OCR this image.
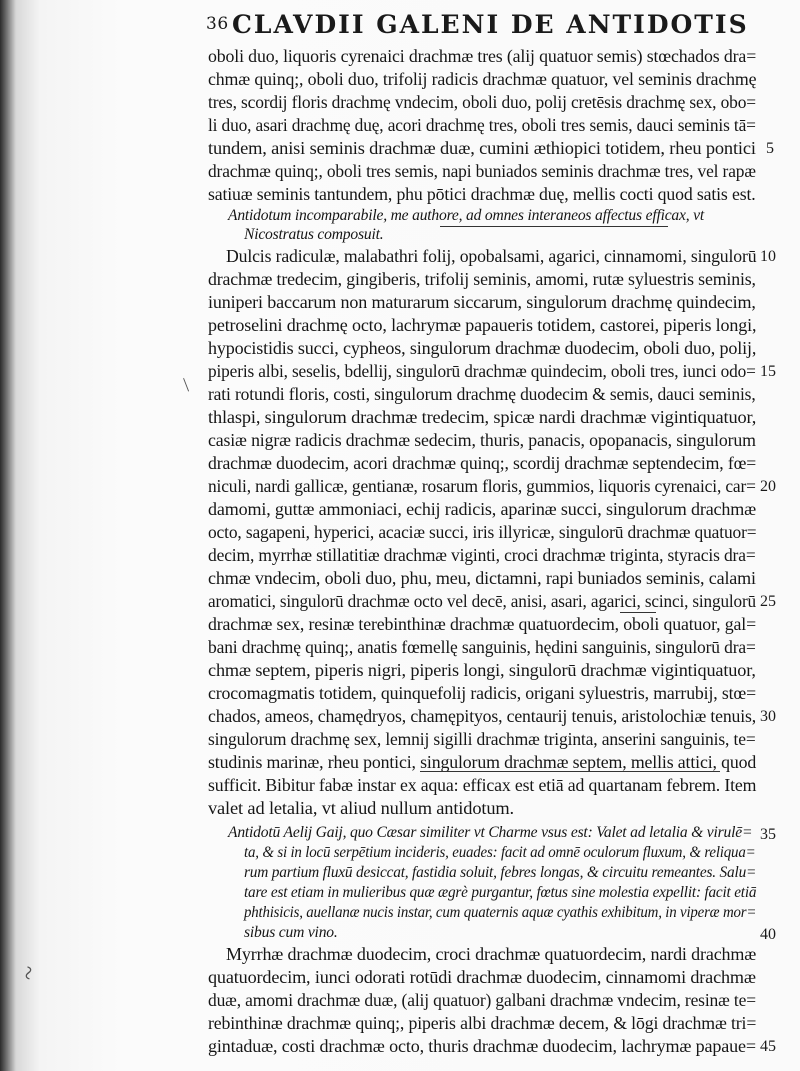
36 CLAVDII GALENI DE ANTIDOTIS

oboli duo, liquoris cyrenaici drachmæ tres (alij quatuor semis) stœchados dra=
chmæ quinq;, oboli duo, trifolij radicis drachmæ quatuor, vel seminis drachmę
tres, scordij floris drachmę vndecim, oboli duo, polij cretēsis drachmę sex, obo=
li duo, asari drachmę duę, acori drachmę tres, oboli tres semis, dauci seminis tā=
tundem, anisi seminis drachmæ duæ, cumini æthiopici totidem, rheu pontici
drachmæ quinq;, oboli tres semis, napi buniados seminis drachmæ tres, vel rapæ
satiuæ seminis tantundem, phu pōtici drachmæ duę, mellis cocti quod satis est.
Antidotum incomparabile, me authore, ad omnes interaneos affectus efficax, vt
Nicostratus composuit.
Dulcis radiculæ, malabathri folij, opobalsami, agarici, cinnamomi, singulorū
drachmæ tredecim, gingiberis, trifolij seminis, amomi, rutæ syluestris seminis,
iuniperi baccarum non maturarum siccarum, singulorum drachmę quindecim,
petroselini drachmę octo, lachrymæ papaueris totidem, castorei, piperis longi,
hypocistidis succi, cypheos, singulorum drachmæ duodecim, oboli duo, polij,
piperis albi, seselis, bdellij, singulorū drachmæ quindecim, oboli tres, iunci odo=
rati rotundi floris, costi, singulorum drachmę duodecim & semis, dauci seminis,
thlaspi, singulorum drachmæ tredecim, spicæ nardi drachmæ vigintiquatuor,
casiæ nigræ radicis drachmæ sedecim, thuris, panacis, opopanacis, singulorum
drachmæ duodecim, acori drachmæ quinq;, scordij drachmæ septendecim, fœ=
niculi, nardi gallicæ, gentianæ, rosarum floris, gummios, liquoris cyrenaici, car=
damomi, guttæ ammoniaci, echij radicis, aparinæ succi, singulorum drachmæ
octo, sagapeni, hyperici, acaciæ succi, iris illyricæ, singulorū drachmæ quatuor=
decim, myrrhæ stillatitiæ drachmæ viginti, croci drachmæ triginta, styracis dra=
chmæ vndecim, oboli duo, phu, meu, dictamni, rapi buniados seminis, calami
aromatici, singulorū drachmæ octo vel decē, anisi, asari, agarici, scinci, singulorū
drachmæ sex, resinæ terebinthinæ drachmæ quatuordecim, oboli quatuor, gal=
bani drachmę quinq;, anatis fœmellę sanguinis, hędini sanguinis, singulorū dra=
chmæ septem, piperis nigri, piperis longi, singulorū drachmæ vigintiquatuor,
crocomagmatis totidem, quinquefolij radicis, origani syluestris, marrubij, stœ=
chados, ameos, chamędryos, chamępityos, centaurij tenuis, aristolochiæ tenuis,
singulorum drachmę sex, lemnij sigilli drachmæ triginta, anserini sanguinis, te=
studinis marinæ, rheu pontici, singulorum drachmæ septem, mellis attici, quod
sufficit. Bibitur fabæ instar ex aqua: efficax est etiā ad quartanam febrem. Item
valet ad letalia, vt aliud nullum antidotum.
Antidotū Aelij Gaij, quo Cæsar similiter vt Charme vsus est: Valet ad letalia & virulē=
ta, & si in locū serpētium incideris, euades: facit ad omnē oculorum fluxum, & reliqua=
rum partium fluxū desiccat, fastidia soluit, febres longas, & circuitu remeantes. Salu=
tare est etiam in mulieribus quæ ægrè purgantur, fœtus sine molestia expellit: facit etiā
phthisicis, auellanæ nucis instar, cum quaternis aquæ cyathis exhibitum, in viperæ mor=
sibus cum vino.
Myrrhæ drachmæ duodecim, croci drachmæ quatuordecim, nardi drachmæ
quatuordecim, iunci odorati rotūdi drachmæ duodecim, cinnamomi drachmæ
duæ, amomi drachmæ duæ, (alij quatuor) galbani drachmæ vndecim, resinæ te=
rebinthinæ drachmæ quinq;, piperis albi drachmæ decem, & lōgi drachmæ tri=
gintaduæ, costi drachmæ octo, thuris drachmæ duodecim, lachrymæ papaue=
/
~
5
10
15
20
25
30
35
40
45
